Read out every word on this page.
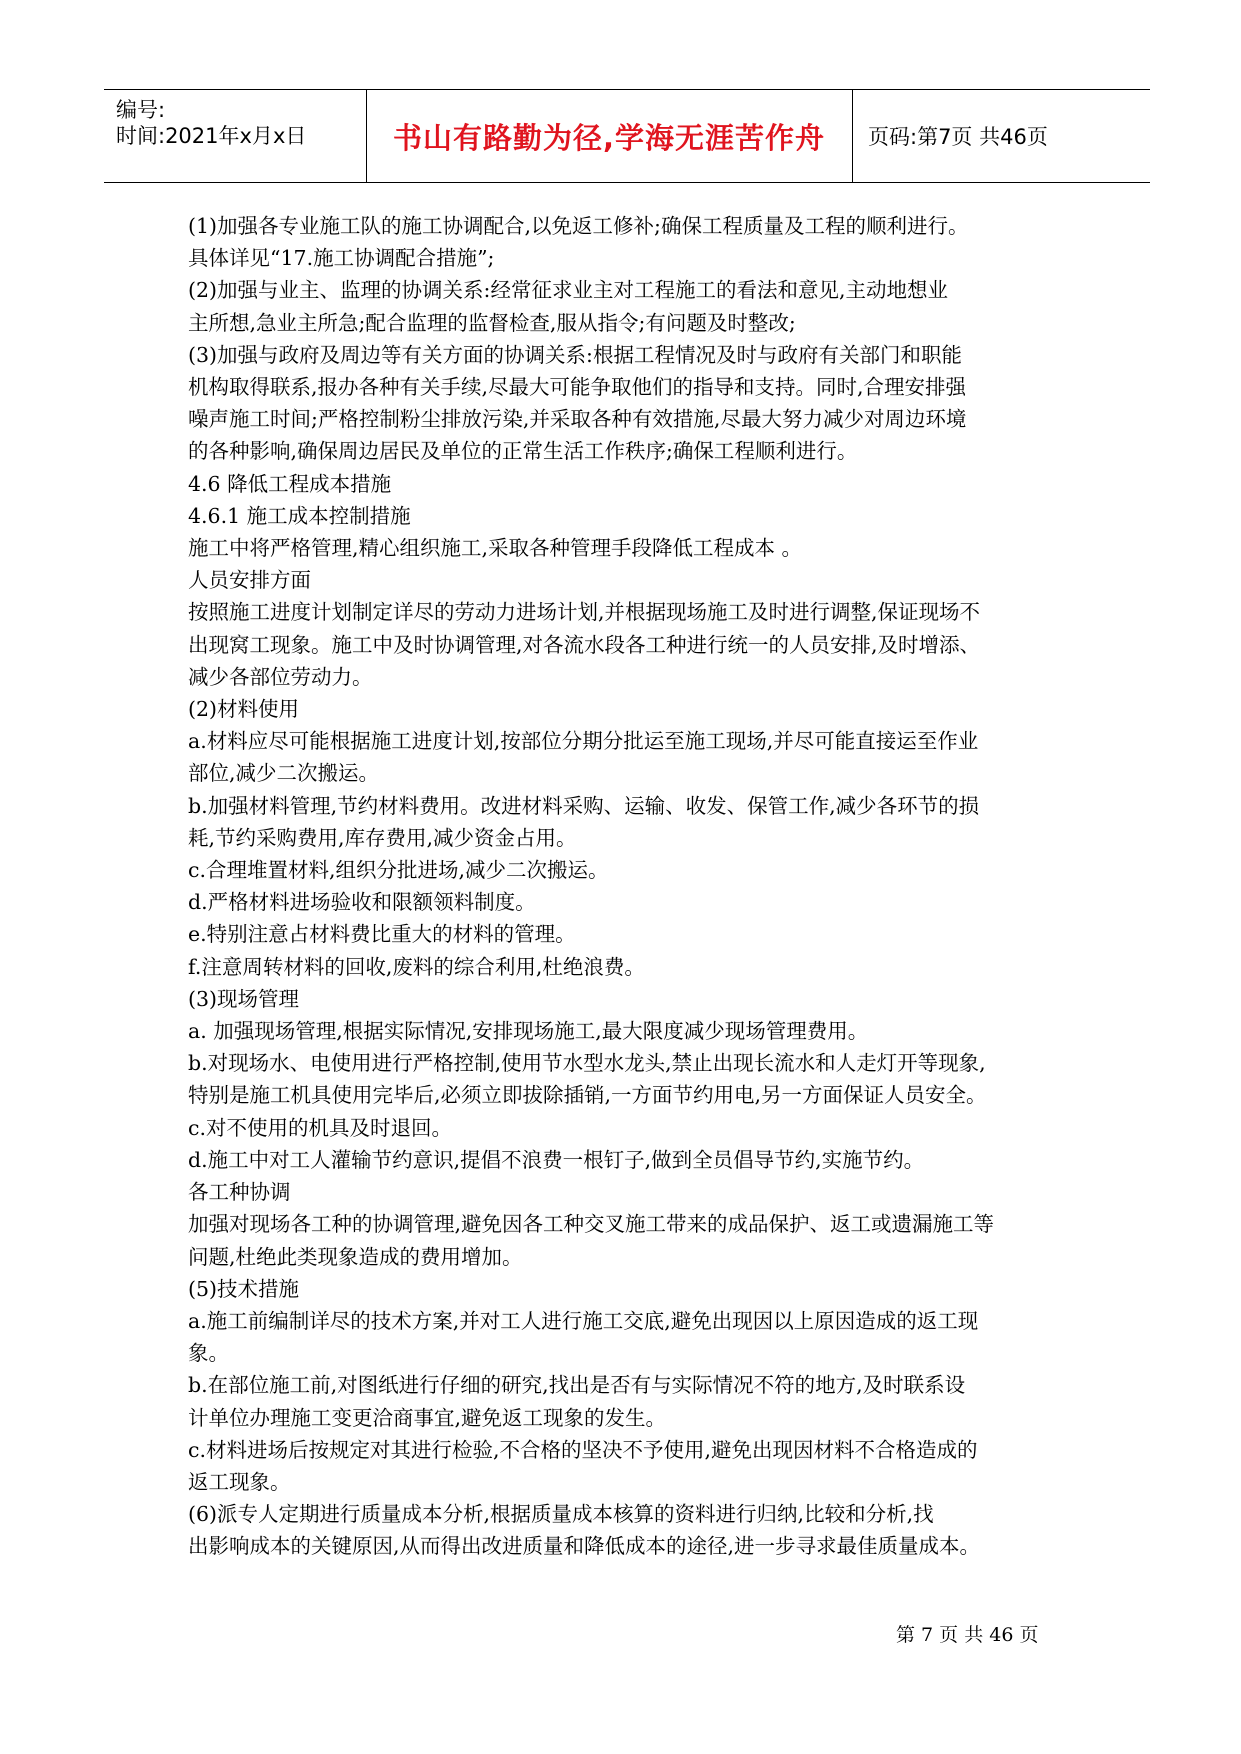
编号:
时间:2021年x月x日	书山有路勤为径,学海无涯苦作舟 页码:第7页 共46页

(1)加强各专业施工队的施工协调配合,以免返工修补;确保工程质量及工程的顺利进行。

具体详见“17.施工协调配合措施”;

(2)加强与业主、监理的协调关系:经常征求业主对工程施工的看法和意见,主动地想业

主所想,急业主所急;配合监理的监督检查,服从指令;有问题及时整改;

(3)加强与政府及周边等有关方面的协调关系:根据工程情况及时与政府有关部门和职能

机构取得联系,报办各种有关手续,尽最大可能争取他们的指导和支持。同时,合理安排强

噪声施工时间;严格控制粉尘排放污染,并采取各种有效措施,尽最大努力减少对周边环境

的各种影响,确保周边居民及单位的正常生活工作秩序;确保工程顺利进行。

4.6 降低工程成本措施

4.6.1 施工成本控制措施

施工中将严格管理,精心组织施工,采取各种管理手段降低工程成本 。

人员安排方面

按照施工进度计划制定详尽的劳动力进场计划,并根据现场施工及时进行调整,保证现场不

出现窝工现象。施工中及时协调管理,对各流水段各工种进行统一的人员安排,及时增添、

减少各部位劳动力。

(2)材料使用

a.材料应尽可能根据施工进度计划,按部位分期分批运至施工现场,并尽可能直接运至作业

部位,减少二次搬运。

b.加强材料管理,节约材料费用。改进材料采购、运输、收发、保管工作,减少各环节的损

耗,节约采购费用,库存费用,减少资金占用。

c.合理堆置材料,组织分批进场,减少二次搬运。

d.严格材料进场验收和限额领料制度。

e.特别注意占材料费比重大的材料的管理。

f.注意周转材料的回收,废料的综合利用,杜绝浪费。

(3)现场管理

a. 加强现场管理,根据实际情况,安排现场施工,最大限度减少现场管理费用。

b.对现场水、电使用进行严格控制,使用节水型水龙头,禁止出现长流水和人走灯开等现象,

特别是施工机具使用完毕后,必须立即拔除插销,一方面节约用电,另一方面保证人员安全。

c.对不使用的机具及时退回。

d.施工中对工人灌输节约意识,提倡不浪费一根钉子,做到全员倡导节约,实施节约。

各工种协调

加强对现场各工种的协调管理,避免因各工种交叉施工带来的成品保护、返工或遗漏施工等

问题,杜绝此类现象造成的费用增加。

(5)技术措施

a.施工前编制详尽的技术方案,并对工人进行施工交底,避免出现因以上原因造成的返工现

象。

b.在部位施工前,对图纸进行仔细的研究,找出是否有与实际情况不符的地方,及时联系设

计单位办理施工变更洽商事宜,避免返工现象的发生。

c.材料进场后按规定对其进行检验,不合格的坚决不予使用,避免出现因材料不合格造成的

返工现象。

(6)派专人定期进行质量成本分析,根据质量成本核算的资料进行归纳,比较和分析,找

出影响成本的关键原因,从而得出改进质量和降低成本的途径,进一步寻求最佳质量成本。

第 7 页 共 46 页
